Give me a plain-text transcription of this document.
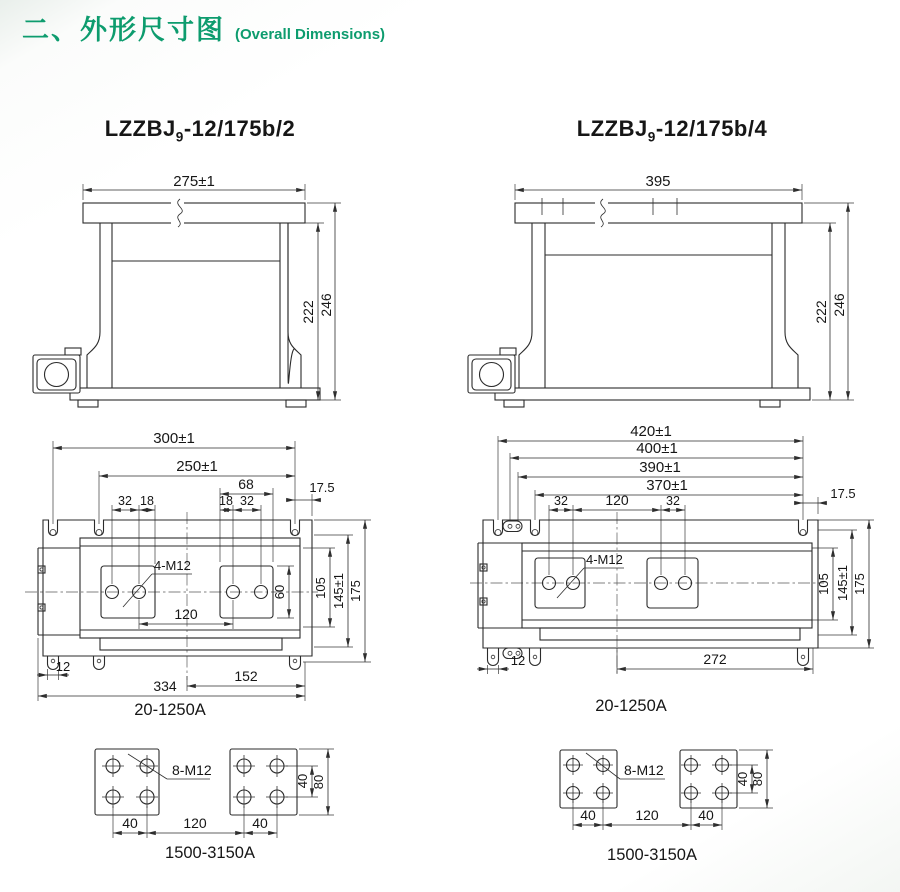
二、外形尺寸图 (Overall Dimensions)
$LZZBJ_9-12/175b/2$	$LZZBJ_9-12/175b/4$
275±1
222 246
395
222 246
300±1
250±1
68	17.5
32 18	18 32
4-M12
120
60 105 145±1 175
12
152
334
20-1250A
420±1
400±1
390±1
370±1	17.5
32	120	32
4-M12
105 145±1 175
12	272
20-1250A
8-M12
40	120	40
40 80
1500-3150A
8-M12
40	120	40
40 80
1500-3150A
